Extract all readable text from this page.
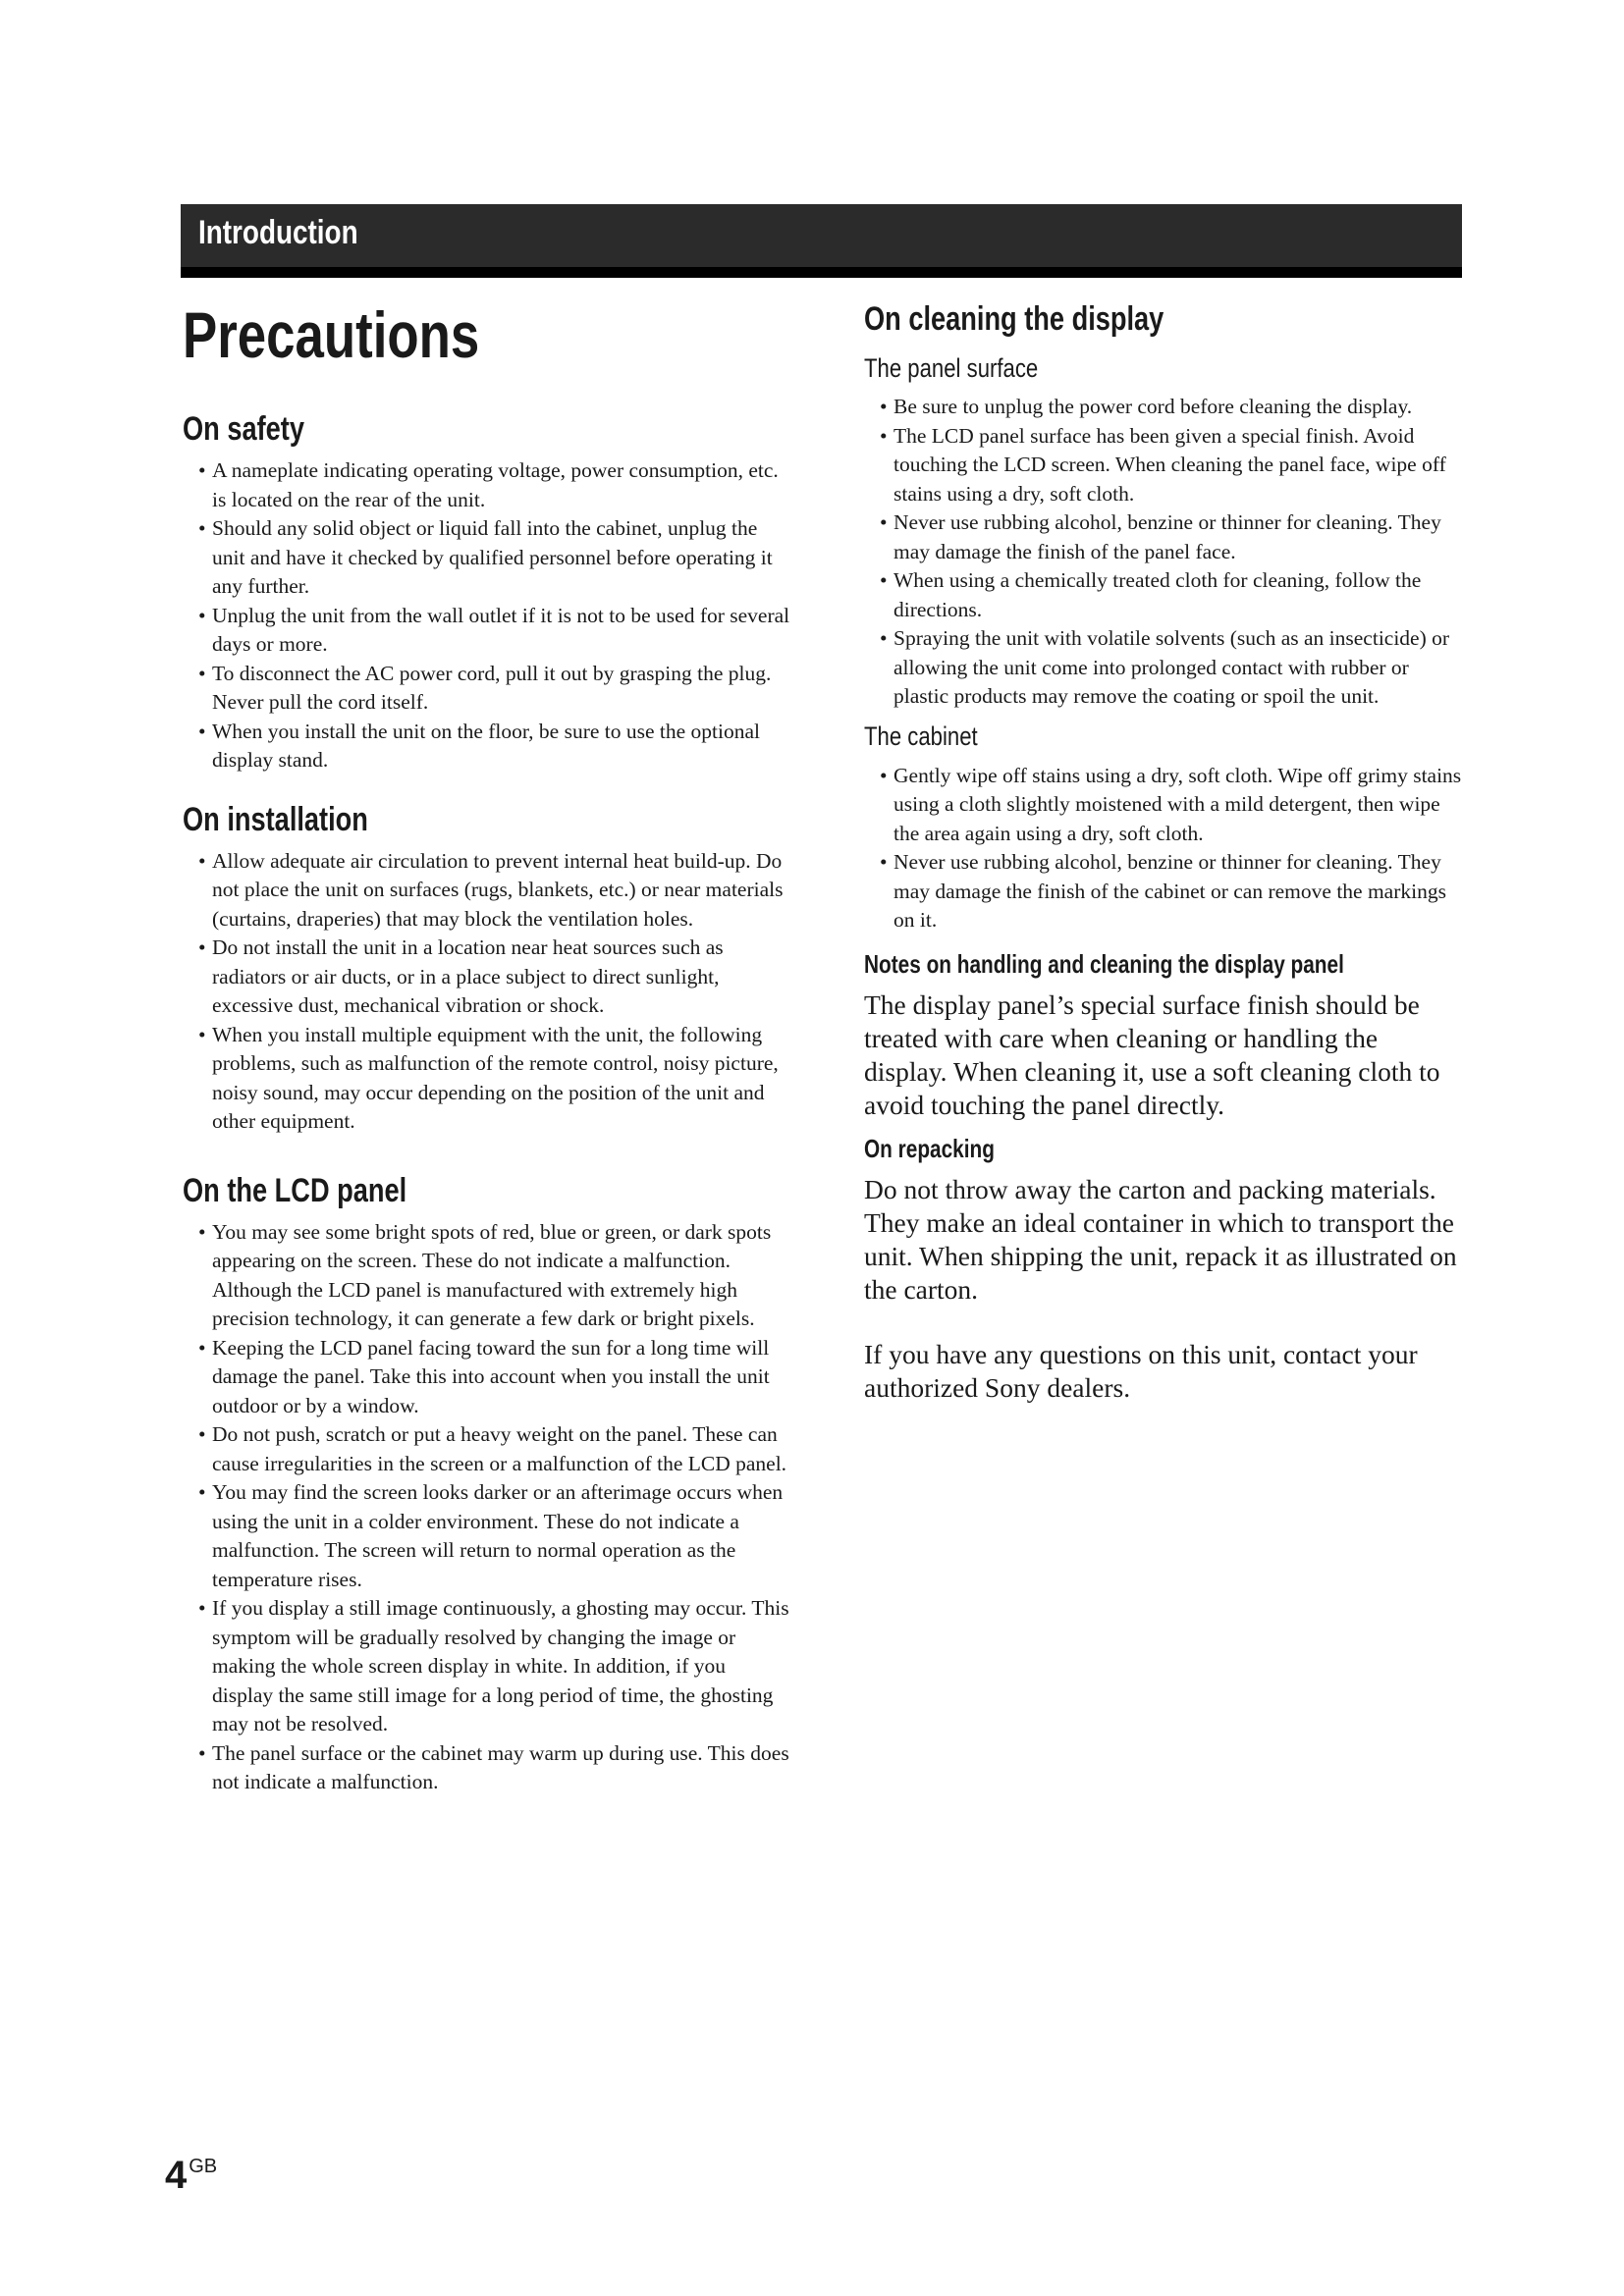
Introduction
Precautions
On safety
• A nameplate indicating operating voltage, power consumption, etc. is located on the rear of the unit.
• Should any solid object or liquid fall into the cabinet, unplug the unit and have it checked by qualified personnel before operating it any further.
• Unplug the unit from the wall outlet if it is not to be used for several days or more.
• To disconnect the AC power cord, pull it out by grasping the plug. Never pull the cord itself.
• When you install the unit on the floor, be sure to use the optional display stand.
On installation
• Allow adequate air circulation to prevent internal heat build-up. Do not place the unit on surfaces (rugs, blankets, etc.) or near materials (curtains, draperies) that may block the ventilation holes.
• Do not install the unit in a location near heat sources such as radiators or air ducts, or in a place subject to direct sunlight, excessive dust, mechanical vibration or shock.
• When you install multiple equipment with the unit, the following problems, such as malfunction of the remote control, noisy picture, noisy sound, may occur depending on the position of the unit and other equipment.
On the LCD panel
• You may see some bright spots of red, blue or green, or dark spots appearing on the screen. These do not indicate a malfunction. Although the LCD panel is manufactured with extremely high precision technology, it can generate a few dark or bright pixels.
• Keeping the LCD panel facing toward the sun for a long time will damage the panel. Take this into account when you install the unit outdoor or by a window.
• Do not push, scratch or put a heavy weight on the panel. These can cause irregularities in the screen or a malfunction of the LCD panel.
• You may find the screen looks darker or an afterimage occurs when using the unit in a colder environment. These do not indicate a malfunction. The screen will return to normal operation as the temperature rises.
• If you display a still image continuously, a ghosting may occur. This symptom will be gradually resolved by changing the image or making the whole screen display in white. In addition, if you display the same still image for a long period of time, the ghosting may not be resolved.
• The panel surface or the cabinet may warm up during use. This does not indicate a malfunction.
On cleaning the display
The panel surface
• Be sure to unplug the power cord before cleaning the display.
• The LCD panel surface has been given a special finish. Avoid touching the LCD screen. When cleaning the panel face, wipe off stains using a dry, soft cloth.
• Never use rubbing alcohol, benzine or thinner for cleaning. They may damage the finish of the panel face.
• When using a chemically treated cloth for cleaning, follow the directions.
• Spraying the unit with volatile solvents (such as an insecticide) or allowing the unit come into prolonged contact with rubber or plastic products may remove the coating or spoil the unit.
The cabinet
• Gently wipe off stains using a dry, soft cloth. Wipe off grimy stains using a cloth slightly moistened with a mild detergent, then wipe the area again using a dry, soft cloth.
• Never use rubbing alcohol, benzine or thinner for cleaning. They may damage the finish of the cabinet or can remove the markings on it.
Notes on handling and cleaning the display panel

The display panel’s special surface finish should be treated with care when cleaning or handling the display. When cleaning it, use a soft cleaning cloth to avoid touching the panel directly.

On repacking

Do not throw away the carton and packing materials. They make an ideal container in which to transport the unit. When shipping the unit, repack it as illustrated on the carton.

If you have any questions on this unit, contact your authorized Sony dealers.

4 GB
